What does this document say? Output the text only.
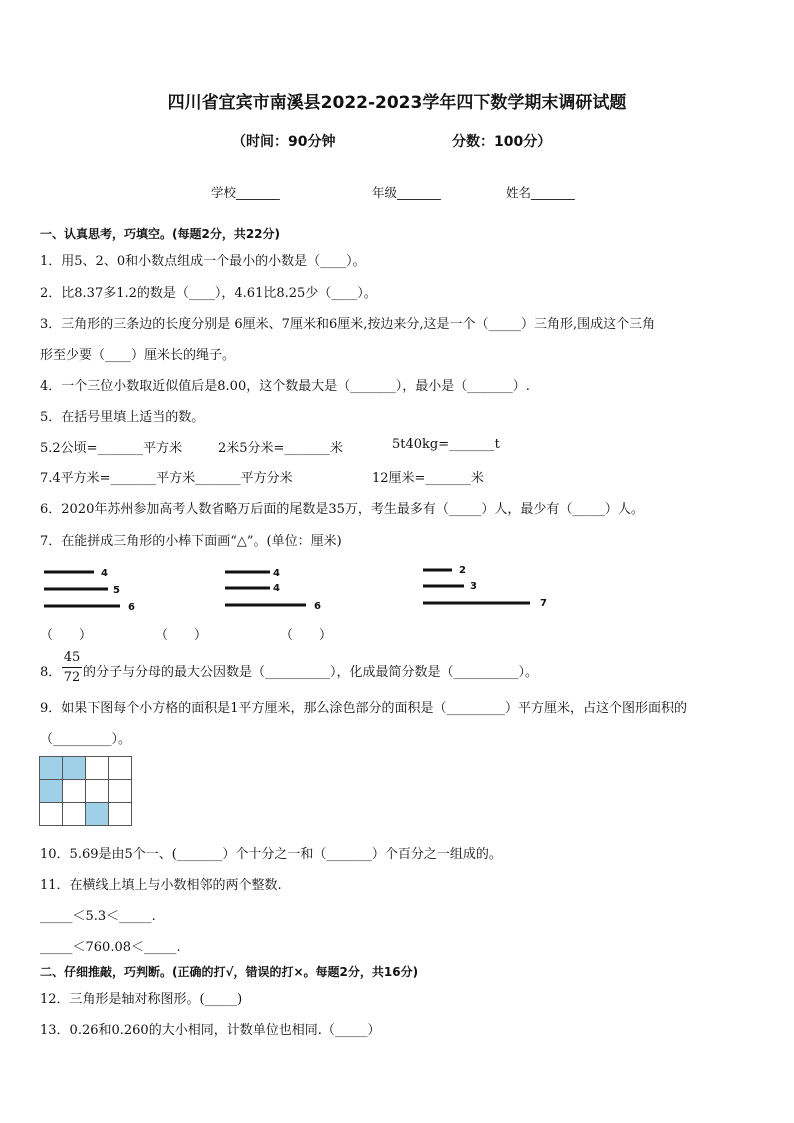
四川省宜宾市南溪县2022-2023学年四下数学期末调研试题
（时间：90分钟	分数：100分）
学校_______	年级_______	姓名_______
一、认真思考，巧填空。(每题2分，共22分)
1．用5、2、0和小数点组成一个最小的小数是（____）。
2．比8.37多1.2的数是（____），4.61比8.25少（____）。
3．三角形的三条边的长度分别是 6厘米、7厘米和6厘米,按边来分,这是一个（_____）三角形,围成这个三角
形至少要（____）厘米长的绳子。
4．一个三位小数取近似值后是8.00，这个数最大是（_______），最小是（_______）.
5．在括号里填上适当的数。
5.2公顷=_______平方米	2米5分米=_______米	5t40kg=_______t
7.4平方米=_______平方米_______平方分米	12厘米=_______米
6．2020年苏州参加高考人数省略万后面的尾数是35万，考生最多有（_____）人，最少有（_____）人。
7．在能拼成三角形的小棒下面画“△”。(单位：厘米)
4
5
6
4
4
6
2
3
7
（　　）	（　　）	（　　）
8．
45
72 的分子与分母的最大公因数是（__________），化成最简分数是（__________）。
9．如果下图每个小方格的面积是1平方厘米，那么涂色部分的面积是（_________）平方厘米，占这个图形面积的
（_________）。

10．5.69是由5个一、(_______）个十分之一和（_______）个百分之一组成的。
11．在横线上填上与小数相邻的两个整数.
_____＜5.3＜_____.
_____＜760.08＜_____.
二、仔细推敲，巧判断。(正确的打√，错误的打×。每题2分，共16分)
12．三角形是轴对称图形。(_____)
13．0.26和0.260的大小相同，计数单位也相同.（_____）
